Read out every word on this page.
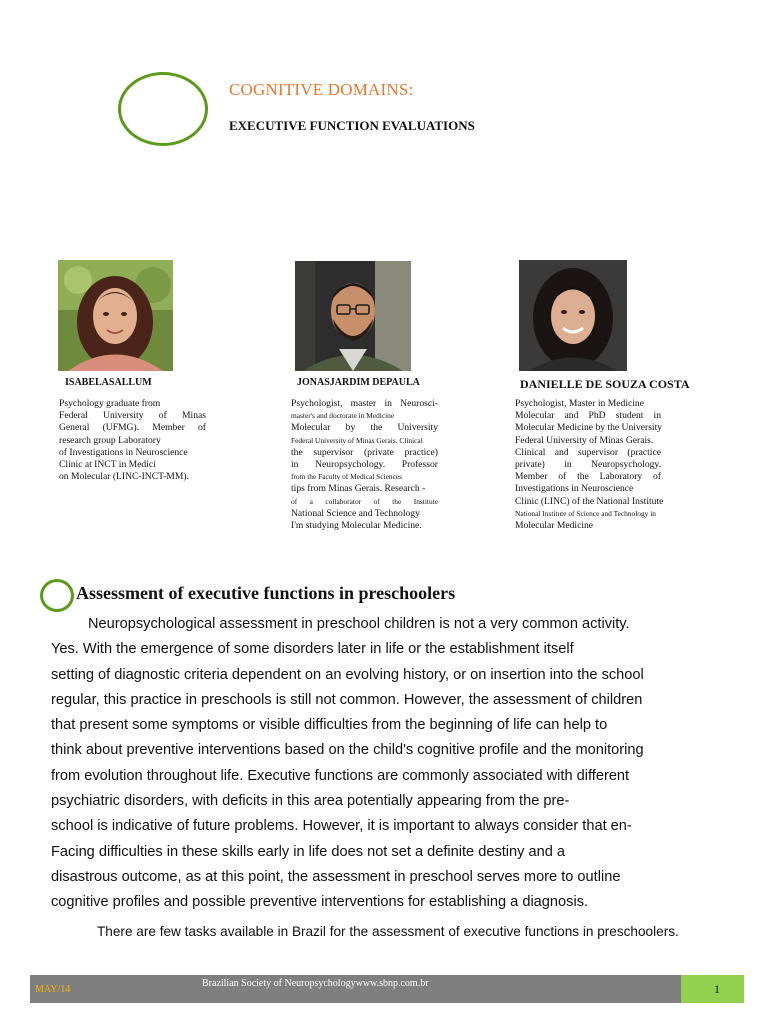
COGNITIVE DOMAINS:
EXECUTIVE FUNCTION EVALUATIONS
ISABELASALLUM	JONASJARDIM DEPAULA	DANIELLE DE SOUZA COSTA
Psychology graduate from
Federal University of Minas
General (UFMG). Member of
research group Laboratory
of Investigations in Neuroscience
Clinic at INCT in Medici
on Molecular (LINC-INCT-MM).
Psychologist, master in Neurosci-
master's and doctorate in Medicine
Molecular by the University
Federal University of Minas Gerais. Clinical
the supervisor (private practice)
in Neuropsychology. Professor
from the Faculty of Medical Sciences
tips from Minas Gerais. Research -
of a collaborator of the Institute
National Science and Technology
I'm studying Molecular Medicine.
Psychologist, Master in Medicine
Molecular and PhD student in
Molecular Medicine by the University
Federal University of Minas Gerais.
Clinical and supervisor (practice
private) in Neuropsychology.
Member of the Laboratory of
Investigations in Neuroscience
Clinic (LINC) of the National Institute
National Institute of Science and Technology in
Molecular Medicine
Assessment of executive functions in preschoolers
Neuropsychological assessment in preschool children is not a very common activity.
Yes. With the emergence of some disorders later in life or the establishment itself
setting of diagnostic criteria dependent on an evolving history, or on insertion into the school
regular, this practice in preschools is still not common. However, the assessment of children
that present some symptoms or visible difficulties from the beginning of life can help to
think about preventive interventions based on the child's cognitive profile and the monitoring
from evolution throughout life. Executive functions are commonly associated with different
psychiatric disorders, with deficits in this area potentially appearing from the pre-
school is indicative of future problems. However, it is important to always consider that en-
Facing difficulties in these skills early in life does not set a definite destiny and a
disastrous outcome, as at this point, the assessment in preschool serves more to outline
cognitive profiles and possible preventive interventions for establishing a diagnosis.
There are few tasks available in Brazil for the assessment of executive functions in preschoolers.
MAY/14
Brazilian Society of Neuropsychologywww.sbnp.com.br	1
